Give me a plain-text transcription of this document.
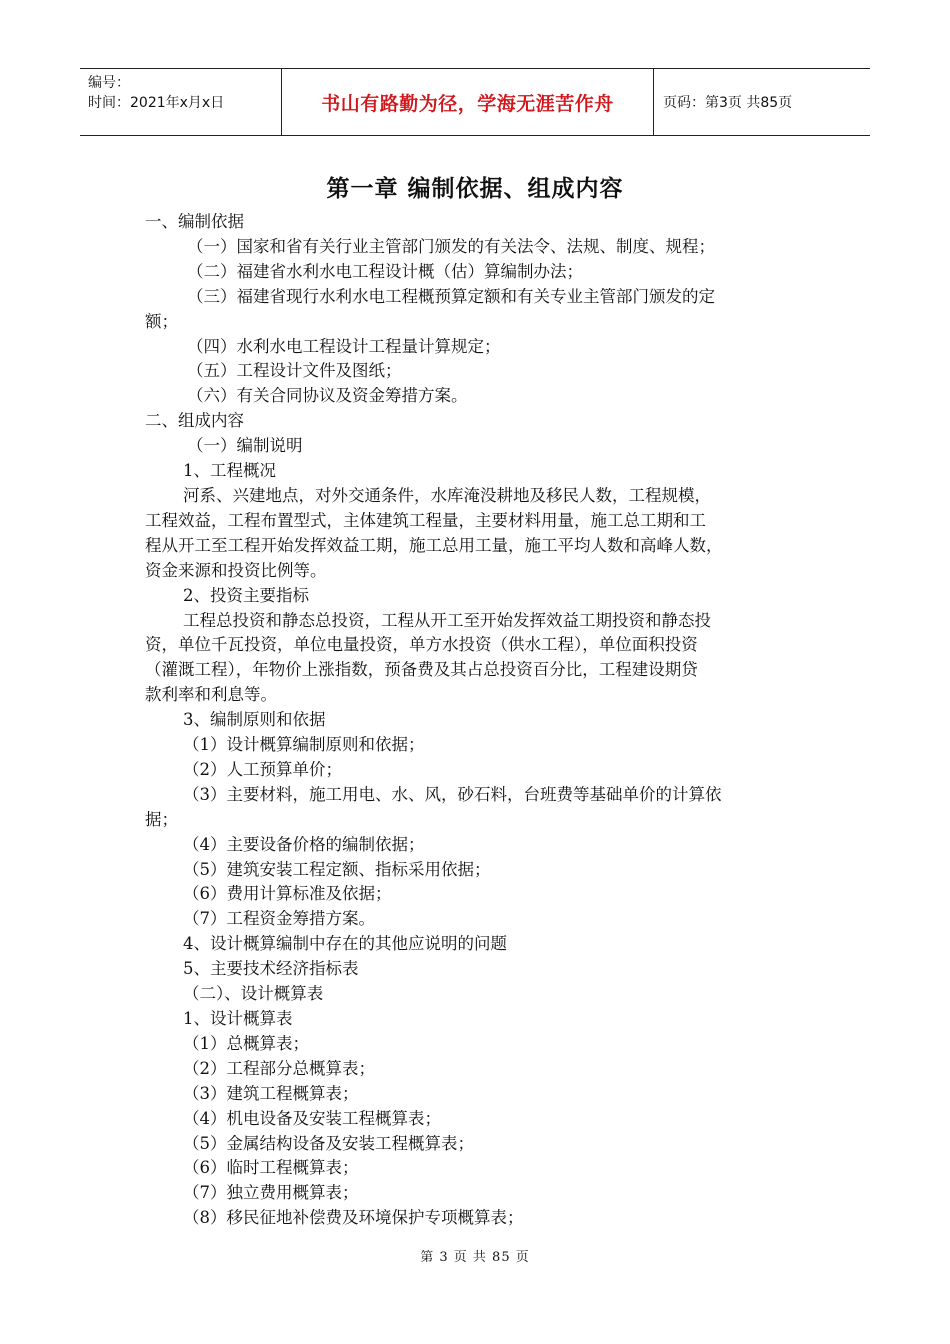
编号：
时间：2021年x月x日	书山有路勤为径，学海无涯苦作舟	页码：第3页 共85页
第一章 编制依据、组成内容

一、编制依据

（一）国家和省有关行业主管部门颁发的有关法令、法规、制度、规程；

（二）福建省水利水电工程设计概（估）算编制办法；

（三）福建省现行水利水电工程概预算定额和有关专业主管部门颁发的定

额；

（四）水利水电工程设计工程量计算规定；

（五）工程设计文件及图纸；

（六）有关合同协议及资金筹措方案。

二、组成内容

（一）编制说明

1、工程概况

河系、兴建地点，对外交通条件，水库淹没耕地及移民人数，工程规模，

工程效益，工程布置型式，主体建筑工程量，主要材料用量，施工总工期和工

程从开工至工程开始发挥效益工期，施工总用工量，施工平均人数和高峰人数，

资金来源和投资比例等。

2、投资主要指标

工程总投资和静态总投资，工程从开工至开始发挥效益工期投资和静态投

资，单位千瓦投资，单位电量投资，单方水投资（供水工程），单位面积投资

（灌溉工程），年物价上涨指数，预备费及其占总投资百分比，工程建设期贷

款利率和利息等。

3、编制原则和依据

（1）设计概算编制原则和依据；

（2）人工预算单价；

（3）主要材料，施工用电、水、风，砂石料，台班费等基础单价的计算依

据；

（4）主要设备价格的编制依据；

（5）建筑安装工程定额、指标采用依据；

（6）费用计算标准及依据；

（7）工程资金筹措方案。

4、设计概算编制中存在的其他应说明的问题

5、主要技术经济指标表

（二）、设计概算表

1、设计概算表

（1）总概算表；

（2）工程部分总概算表；

（3）建筑工程概算表；

（4）机电设备及安装工程概算表；

（5）金属结构设备及安装工程概算表；

（6）临时工程概算表；

（7）独立费用概算表；

（8）移民征地补偿费及环境保护专项概算表；

第 3 页 共 85 页
